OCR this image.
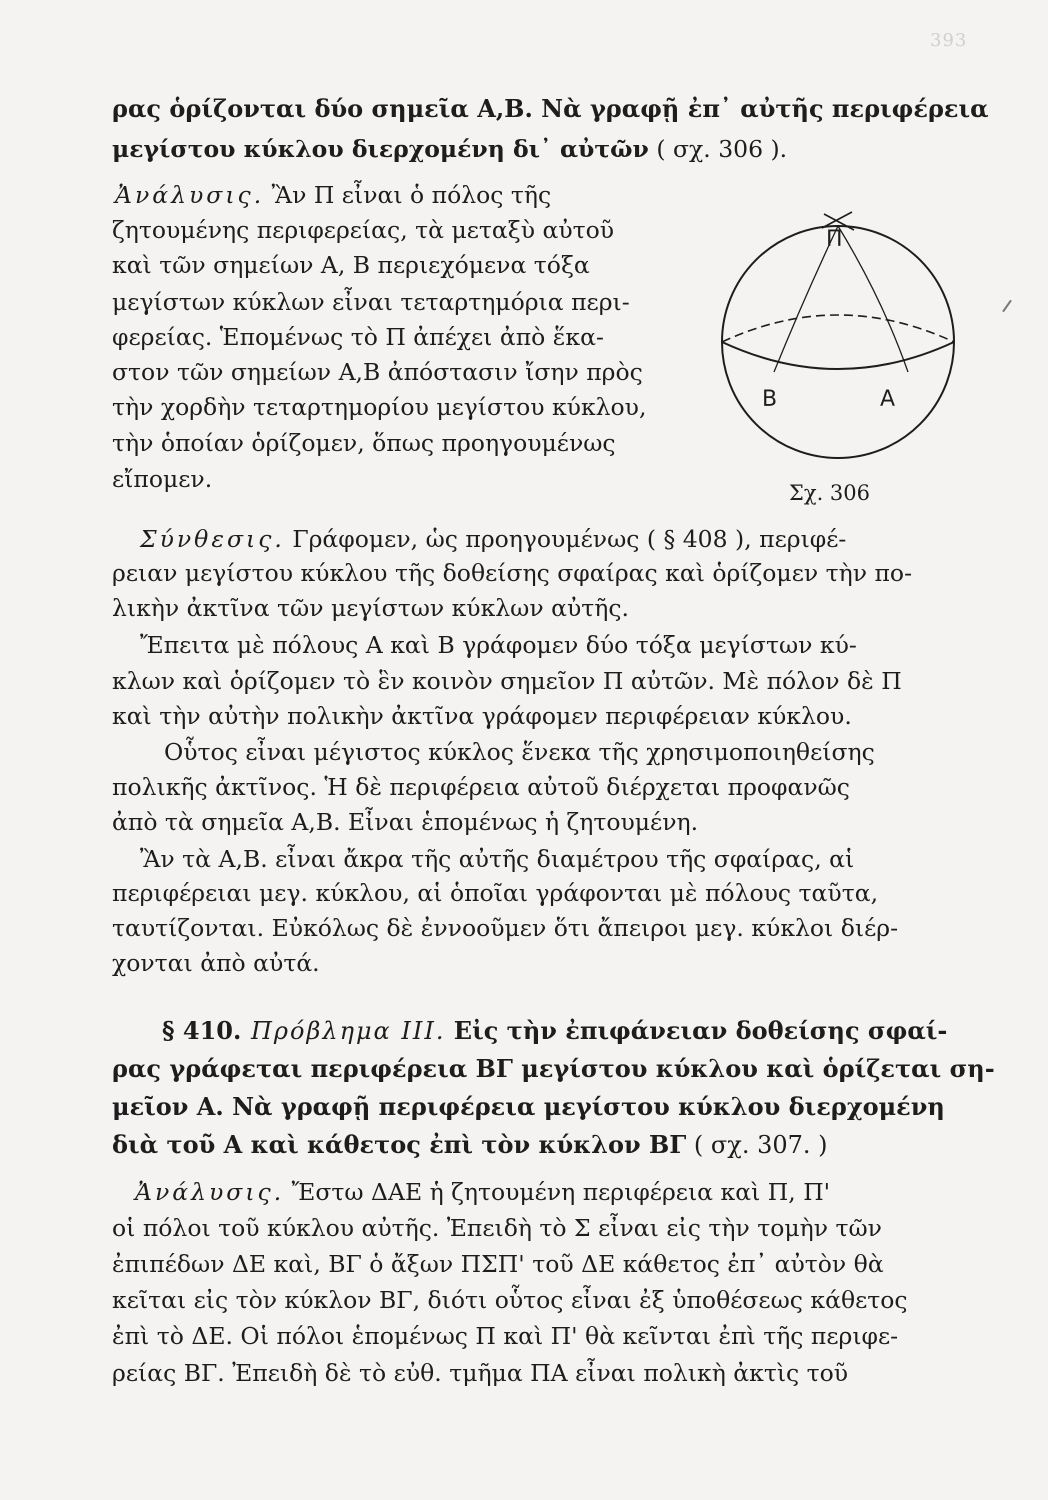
393
ρας ὁρίζονται δύο σημεῖα Α,Β. Νὰ γραφῇ ἐπ᾽ αὐτῆς περιφέρεια
μεγίστου κύκλου διερχομένη δι᾽ αὐτῶν ( σχ. 306 ).
Ἀνάλυσις. Ἂν Π εἶναι ὁ πόλος τῆς
ζητουμένης περιφερείας, τὰ μεταξὺ αὐτοῦ
καὶ τῶν σημείων Α, Β περιεχόμενα τόξα
μεγίστων κύκλων εἶναι τεταρτημόρια περι-
φερείας. Ἑπομένως τὸ Π ἀπέχει ἀπὸ ἕκα-
στον τῶν σημείων Α,Β ἀπόστασιν ἴσην πρὸς
τὴν χορδὴν τεταρτημορίου μεγίστου κύκλου,
τὴν ὁποίαν ὁρίζομεν, ὅπως προηγουμένως
εἴπομεν.
Π
Β	Α
Σχ. 306
Σύνθεσις. Γράφομεν, ὡς προηγουμένως ( § 408 ), περιφέ-
ρειαν μεγίστου κύκλου τῆς δοθείσης σφαίρας καὶ ὁρίζομεν τὴν πο-
λικὴν ἀκτῖνα τῶν μεγίστων κύκλων αὐτῆς.
Ἔπειτα μὲ πόλους Α καὶ Β γράφομεν δύο τόξα μεγίστων κύ-
κλων καὶ ὁρίζομεν τὸ ἓν κοινὸν σημεῖον Π αὐτῶν. Μὲ πόλον δὲ Π
καὶ τὴν αὐτὴν πολικὴν ἀκτῖνα γράφομεν περιφέρειαν κύκλου.
Οὗτος εἶναι μέγιστος κύκλος ἕνεκα τῆς χρησιμοποιηθείσης
πολικῆς ἀκτῖνος. Ἡ δὲ περιφέρεια αὐτοῦ διέρχεται προφανῶς
ἀπὸ τὰ σημεῖα Α,Β. Εἶναι ἑπομένως ἡ ζητουμένη.
Ἂν τὰ Α,Β. εἶναι ἄκρα τῆς αὐτῆς διαμέτρου τῆς σφαίρας, αἱ
περιφέρειαι μεγ. κύκλου, αἱ ὁποῖαι γράφονται μὲ πόλους ταῦτα,
ταυτίζονται. Εὐκόλως δὲ ἐννοοῦμεν ὅτι ἄπειροι μεγ. κύκλοι διέρ-
χονται ἀπὸ αὐτά.
§ 410. Πρόβλημα ΙΙΙ. Εἰς τὴν ἐπιφάνειαν δοθείσης σφαί-
ρας γράφεται περιφέρεια ΒΓ μεγίστου κύκλου καὶ ὁρίζεται ση-
μεῖον Α. Νὰ γραφῇ περιφέρεια μεγίστου κύκλου διερχομένη
διὰ τοῦ Α καὶ κάθετος ἐπὶ τὸν κύκλον ΒΓ ( σχ. 307. )
Ἀνάλυσις. Ἔστω ΔΑΕ ἡ ζητουμένη περιφέρεια καὶ Π, Π'
οἱ πόλοι τοῦ κύκλου αὐτῆς. Ἐπειδὴ τὸ Σ εἶναι εἰς τὴν τομὴν τῶν
ἐπιπέδων ΔΕ καὶ, ΒΓ ὁ ἄξων ΠΣΠ' τοῦ ΔΕ κάθετος ἐπ᾽ αὐτὸν θὰ
κεῖται εἰς τὸν κύκλον ΒΓ, διότι οὗτος εἶναι ἐξ ὑποθέσεως κάθετος
ἐπὶ τὸ ΔΕ. Οἱ πόλοι ἑπομένως Π καὶ Π' θὰ κεῖνται ἐπὶ τῆς περιφε-
ρείας ΒΓ. Ἐπειδὴ δὲ τὸ εὐθ. τμῆμα ΠΑ εἶναι πολικὴ ἀκτὶς τοῦ
